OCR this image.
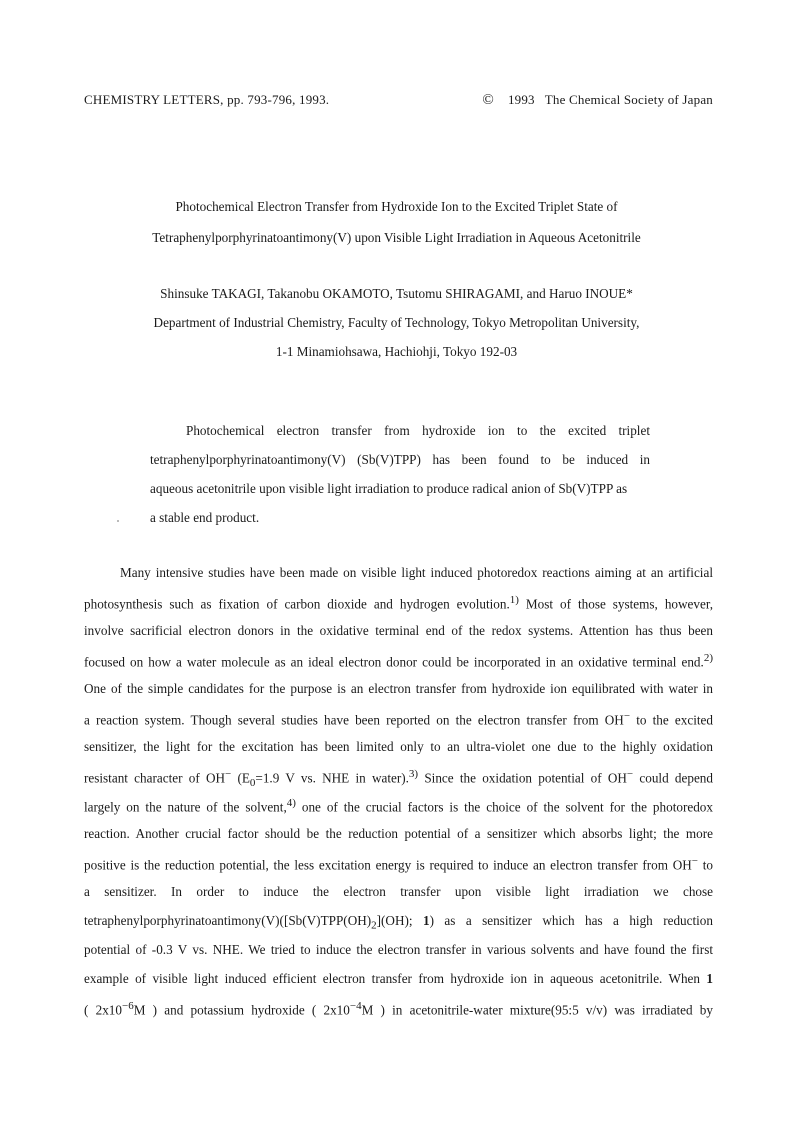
CHEMISTRY LETTERS, pp. 793-796, 1993.	© 1993 The Chemical Society of Japan
Photochemical Electron Transfer from Hydroxide Ion to the Excited Triplet State of
Tetraphenylporphyrinatoantimony(V) upon Visible Light Irradiation in Aqueous Acetonitrile
Shinsuke TAKAGI, Takanobu OKAMOTO, Tsutomu SHIRAGAMI, and Haruo INOUE*
Department of Industrial Chemistry, Faculty of Technology, Tokyo Metropolitan University,
1-1 Minamiohsawa, Hachiohji, Tokyo 192-03
Photochemical electron transfer from hydroxide ion to the excited triplet
tetraphenylporphyrinatoantimony(V) (Sb(V)TPP) has been found to be induced in
aqueous acetonitrile upon visible light irradiation to produce radical anion of Sb(V)TPP as
a stable end product.
Many intensive studies have been made on visible light induced photoredox reactions aiming at an artificial
photosynthesis such as fixation of carbon dioxide and hydrogen evolution.$^{1)}$ Most of those systems, however,
involve sacrificial electron donors in the oxidative terminal end of the redox systems. Attention has thus been
focused on how a water molecule as an ideal electron donor could be incorporated in an oxidative terminal end.$^{2)}$
One of the simple candidates for the purpose is an electron transfer from hydroxide ion equilibrated with water in
a reaction system. Though several studies have been reported on the electron transfer from OH− to the excited
sensitizer, the light for the excitation has been limited only to an ultra-violet one due to the highly oxidation
resistant character of OH− ($E_0=1.9$ V vs. NHE in water).$^{3)}$ Since the oxidation potential of OH− could depend
largely on the nature of the solvent,$^{4)}$ one of the crucial factors is the choice of the solvent for the photoredox
reaction. Another crucial factor should be the reduction potential of a sensitizer which absorbs light; the more
positive is the reduction potential, the less excitation energy is required to induce an electron transfer from OH− to
a sensitizer. In order to induce the electron transfer upon visible light irradiation we chose
$tetraphenylporphyrinatoantimony(V)([Sb(V)TPP(OH)_2](OH)$; 1) as a sensitizer which has a high reduction
potential of -0.3 V vs. NHE. We tried to induce the electron transfer in various solvents and have found the first
example of visible light induced efficient electron transfer from hydroxide ion in aqueous acetonitrile. When 1
( $2x10^{-6}M$ ) and potassium hydroxide ( $2x10^{-4}M$ ) in acetonitrile-water mixture(95:5 v/v) was irradiated by
